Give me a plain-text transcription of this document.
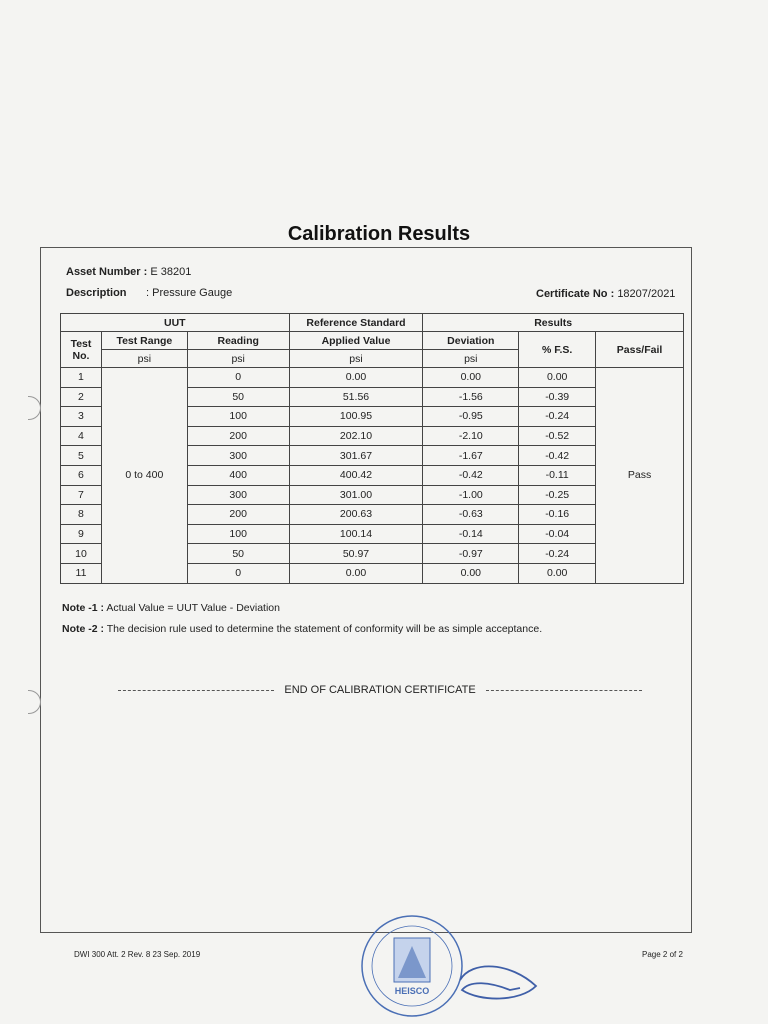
Calibration Results
Asset Number : E 38201
Description : Pressure Gauge	Certificate No : 18207/2021
UUT			Reference Standard	Results		
Test No.	Test Range	Reading	Applied Value	Deviation	% F.S.	Pass/Fail
	psi	psi	psi	psi		
1	0 to 400	0	0.00	0.00	0.00	Pass
2		50	51.56	-1.56	-0.39	
3		100	100.95	-0.95	-0.24	
4		200	202.10	-2.10	-0.52	
5		300	301.67	-1.67	-0.42	
6		400	400.42	-0.42	-0.11	
7		300	301.00	-1.00	-0.25	
8		200	200.63	-0.63	-0.16	
9		100	100.14	-0.14	-0.04	
10		50	50.97	-0.97	-0.24	
11		0	0.00	0.00	0.00	
Note -1 : Actual Value = UUT Value - Deviation
Note -2 : The decision rule used to determine the statement of conformity will be as simple acceptance.
END OF CALIBRATION CERTIFICATE
DWI 300 Att. 2 Rev. 8 23 Sep. 2019	Page 2 of 2
HEISCO
